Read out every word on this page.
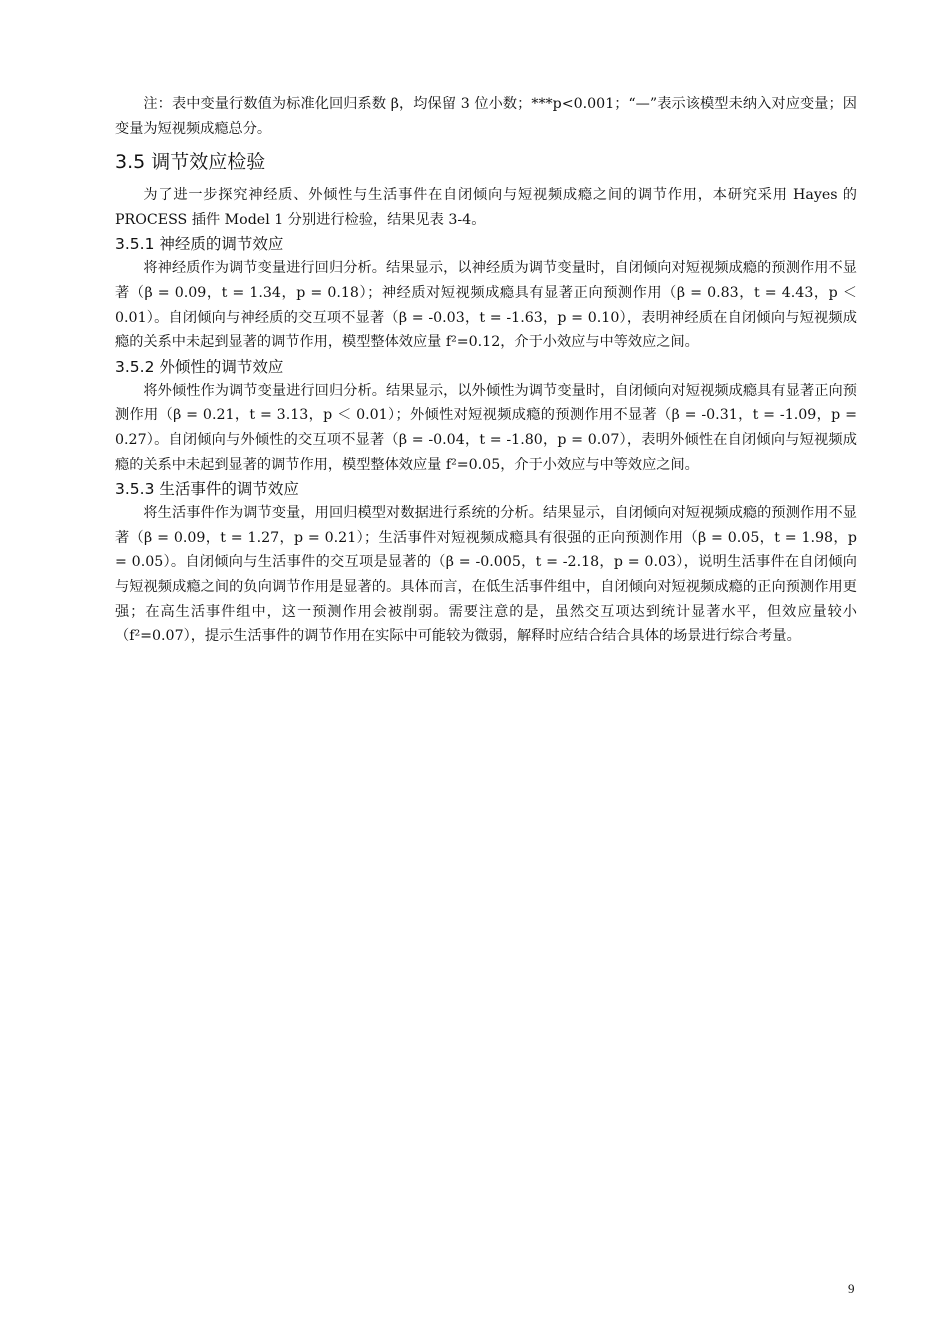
注：表中变量行数值为标准化回归系数 β，均保留 3 位小数；***p<0.001；“—”表示该模型未纳入对应变量；因变量为短视频成瘾总分。

3.5 调节效应检验

为了进一步探究神经质、外倾性与生活事件在自闭倾向与短视频成瘾之间的调节作用，本研究采用 Hayes 的 PROCESS 插件 Model 1 分别进行检验，结果见表 3-4。

3.5.1 神经质的调节效应

将神经质作为调节变量进行回归分析。结果显示，以神经质为调节变量时，自闭倾向对短视频成瘾的预测作用不显著（β = 0.09，t = 1.34，p = 0.18）；神经质对短视频成瘾具有显著正向预测作用（β = 0.83，t = 4.43，p ＜ 0.01）。自闭倾向与神经质的交互项不显著（β = -0.03，t = -1.63，p = 0.10），表明神经质在自闭倾向与短视频成瘾的关系中未起到显著的调节作用，模型整体效应量 f²=0.12，介于小效应与中等效应之间。

3.5.2 外倾性的调节效应

将外倾性作为调节变量进行回归分析。结果显示，以外倾性为调节变量时，自闭倾向对短视频成瘾具有显著正向预测作用（β = 0.21，t = 3.13，p ＜ 0.01）；外倾性对短视频成瘾的预测作用不显著（β = -0.31，t = -1.09，p = 0.27）。自闭倾向与外倾性的交互项不显著（β = -0.04，t = -1.80，p = 0.07），表明外倾性在自闭倾向与短视频成瘾的关系中未起到显著的调节作用，模型整体效应量 f²=0.05，介于小效应与中等效应之间。

3.5.3 生活事件的调节效应

将生活事件作为调节变量，用回归模型对数据进行系统的分析。结果显示，自闭倾向对短视频成瘾的预测作用不显著（β = 0.09，t = 1.27，p = 0.21）；生活事件对短视频成瘾具有很强的正向预测作用（β = 0.05，t = 1.98，p = 0.05）。自闭倾向与生活事件的交互项是显著的（β = -0.005，t = -2.18，p = 0.03），说明生活事件在自闭倾向与短视频成瘾之间的负向调节作用是显著的。具体而言，在低生活事件组中，自闭倾向对短视频成瘾的正向预测作用更强；在高生活事件组中，这一预测作用会被削弱。需要注意的是，虽然交互项达到统计显著水平，但效应量较小（f²=0.07），提示生活事件的调节作用在实际中可能较为微弱，解释时应结合结合具体的场景进行综合考量。

9
